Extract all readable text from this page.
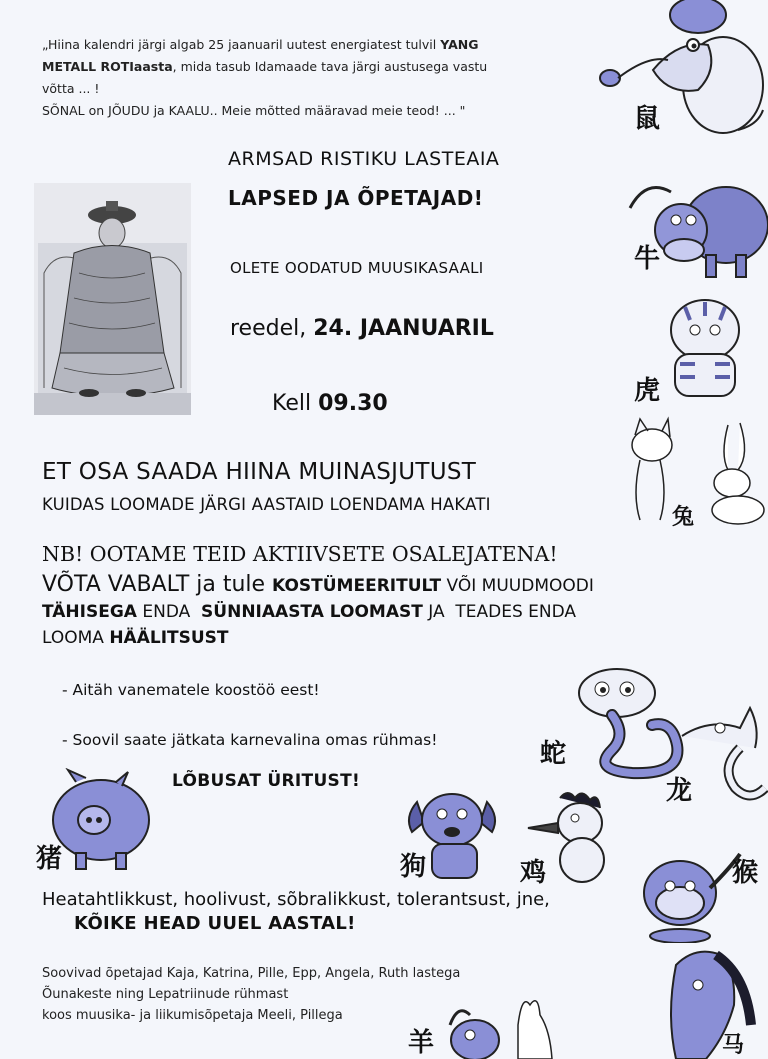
„Hiina kalendri järgi algab 25 jaanuaril uutest energiatest tulvil YANG
METALL ROTIaasta, mida tasub Idamaade tava järgi austusega vastu
võtta ... !
SÕNAL on JÕUDU ja KAALU.. Meie mõtted määravad meie teod! ... "
ARMSAD RISTIKU LASTEAIA
LAPSED JA ÕPETAJAD!
OLETE OODATUD MUUSIKASAALI
reedel, 24. JAANUARIL
Kell 09.30
ET OSA SAADA HIINA MUINASJUTUST
KUIDAS LOOMADE JÄRGI AASTAID LOENDAMA HAKATI
NB! OOTAME TEID AKTIIVSETE OSALEJATENA!
VÕTA VABALT ja tule KOSTÜMEERITULT VÕI MUUDMOODI
TÄHISEGA ENDA  SÜNNIAASTA LOOMAST JA  TEADES ENDA
LOOMA HÄÄLITSUST
- Aitäh vanematele koostöö eest!
- Soovil saate jätkata karnevalina omas rühmas!
LÕBUSAT ÜRITUST!
Heatahtlikkust, hoolivust, sõbralikkust, tolerantsust, jne,
KÕIKE HEAD UUEL AASTAL!
Soovivad õpetajad Kaja, Katrina, Pille, Epp, Angela, Ruth lastega
Õunakeste ning Lepatriinude rühmast
koos muusika- ja liikumisõpetaja Meeli, Pillega
鼠
牛
虎
兔
蛇
龙
猪	狗	鸡	猴
羊	马
